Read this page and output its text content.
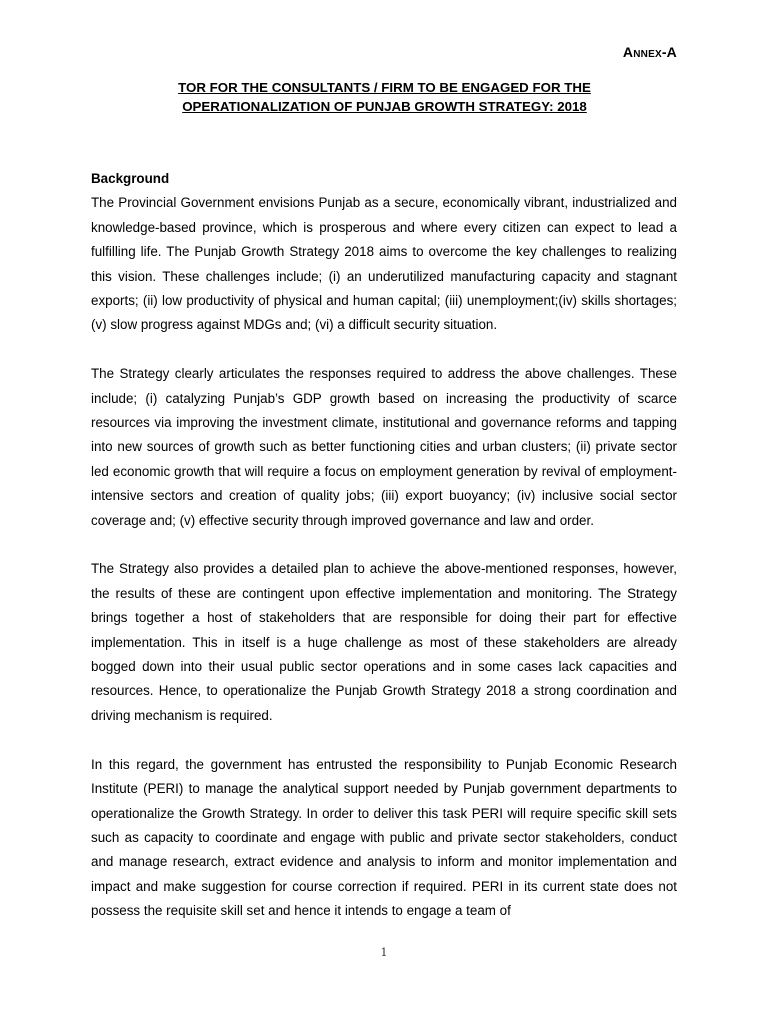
Annex-A
TOR FOR THE CONSULTANTS / FIRM TO BE ENGAGED FOR THE
OPERATIONALIZATION OF PUNJAB GROWTH STRATEGY: 2018

Background

The Provincial Government envisions Punjab as a secure, economically vibrant, industrialized and knowledge-based province, which is prosperous and where every citizen can expect to lead a fulfilling life. The Punjab Growth Strategy 2018 aims to overcome the key challenges to realizing this vision. These challenges include; (i) an underutilized manufacturing capacity and stagnant exports; (ii) low productivity of physical and human capital; (iii) unemployment;(iv) skills shortages; (v) slow progress against MDGs and; (vi) a difficult security situation.

The Strategy clearly articulates the responses required to address the above challenges. These include; (i) catalyzing Punjab’s GDP growth based on increasing the productivity of scarce resources via improving the investment climate, institutional and governance reforms and tapping into new sources of growth such as better functioning cities and urban clusters; (ii) private sector led economic growth that will require a focus on employment generation by revival of employment-intensive sectors and creation of quality jobs; (iii) export buoyancy; (iv) inclusive social sector coverage and; (v) effective security through improved governance and law and order.

The Strategy also provides a detailed plan to achieve the above-mentioned responses, however, the results of these are contingent upon effective implementation and monitoring. The Strategy brings together a host of stakeholders that are responsible for doing their part for effective implementation. This in itself is a huge challenge as most of these stakeholders are already bogged down into their usual public sector operations and in some cases lack capacities and resources. Hence, to operationalize the Punjab Growth Strategy 2018 a strong coordination and driving mechanism is required.

In this regard, the government has entrusted the responsibility to Punjab Economic Research Institute (PERI) to manage the analytical support needed by Punjab government departments to operationalize the Growth Strategy. In order to deliver this task PERI will require specific skill sets such as capacity to coordinate and engage with public and private sector stakeholders, conduct and manage research, extract evidence and analysis to inform and monitor implementation and impact and make suggestion for course correction if required. PERI in its current state does not possess the requisite skill set and hence it intends to engage a team of

1
